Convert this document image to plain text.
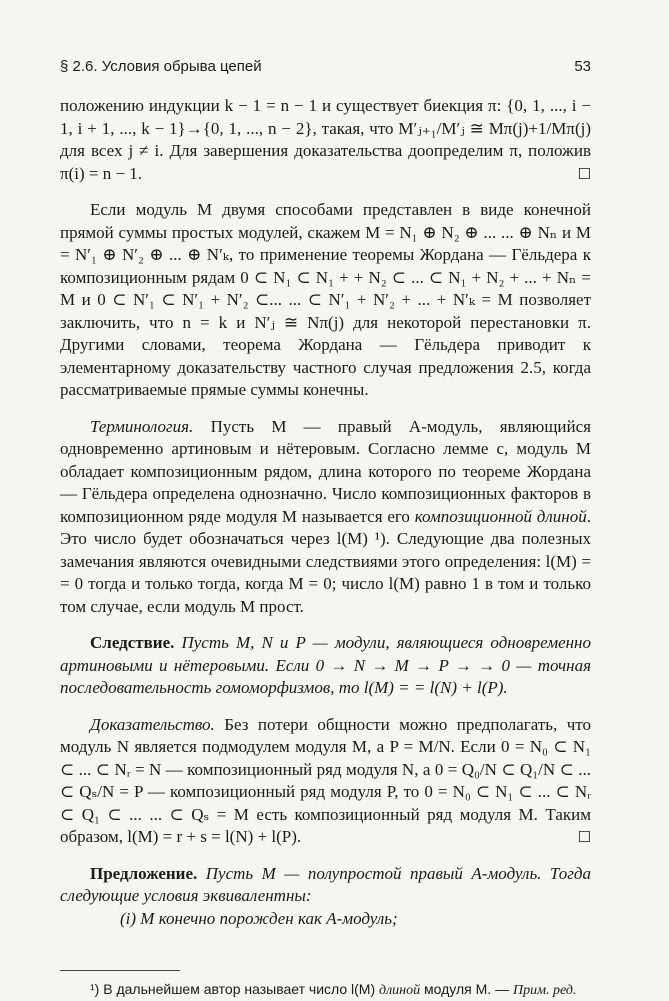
§ 2.6. Условия обрыва цепей	53

положению индукции k − 1 = n − 1 и существует биекция π: {0, 1, ..., i − 1, i + 1, ..., k − 1}→{0, 1, ..., n − 2}, такая, что M′ⱼ₊₁/M′ⱼ ≅ Mπ(j)+1/Mπ(j) для всех j ≠ i. Для завершения доказательства доопределим π, положив π(i) = n − 1.	☐

Если модуль M двумя способами представлен в виде конечной прямой суммы простых модулей, скажем M = N₁ ⊕ N₂ ⊕ ... ... ⊕ Nₙ и M = N′₁ ⊕ N′₂ ⊕ ... ⊕ N′ₖ, то применение теоремы Жордана — Гёльдера к композиционным рядам 0 ⊂ N₁ ⊂ N₁ + + N₂ ⊂ ... ⊂ N₁ + N₂ + ... + Nₙ = M и 0 ⊂ N′₁ ⊂ N′₁ + N′₂ ⊂... ... ⊂ N′₁ + N′₂ + ... + N′ₖ = M позволяет заключить, что n = k и N′ⱼ ≅ Nπ(j) для некоторой перестановки π. Другими словами, теорема Жордана — Гёльдера приводит к элементарному доказательству частного случая предложения 2.5, когда рассматриваемые прямые суммы конечны.

Терминология. Пусть M — правый A-модуль, являющийся одновременно артиновым и нётеровым. Согласно лемме с, модуль M обладает композиционным рядом, длина которого по теореме Жордана — Гёльдера определена однозначно. Число композиционных факторов в композиционном ряде модуля M называется его композиционной длиной. Это число будет обозначаться через l(M) ¹). Следующие два полезных замечания являются очевидными следствиями этого определения: l(M) = = 0 тогда и только тогда, когда M = 0; число l(M) равно 1 в том и только том случае, если модуль M прост.

Следствие. Пусть M, N и P — модули, являющиеся одновременно артиновыми и нётеровыми. Если 0 → N → M → P → → 0 — точная последовательность гомоморфизмов, то l(M) = = l(N) + l(P).

Доказательство. Без потери общности можно предполагать, что модуль N является подмодулем модуля M, а P = M/N. Если 0 = N₀ ⊂ N₁ ⊂ ... ⊂ Nᵣ = N — композиционный ряд модуля N, а 0 = Q₀/N ⊂ Q₁/N ⊂ ... ⊂ Qₛ/N = P — композиционный ряд модуля P, то 0 = N₀ ⊂ N₁ ⊂ ... ⊂ Nᵣ ⊂ Q₁ ⊂ ... ... ⊂ Qₛ = M есть композиционный ряд модуля M. Таким образом, l(M) = r + s = l(N) + l(P).	☐

Предложение. Пусть M — полупростой правый A-модуль. Тогда следующие условия эквивалентны:

(i) M конечно порожден как A-модуль;
¹) В дальнейшем автор называет число l(M) длиной модуля M. — Прим. ред.
